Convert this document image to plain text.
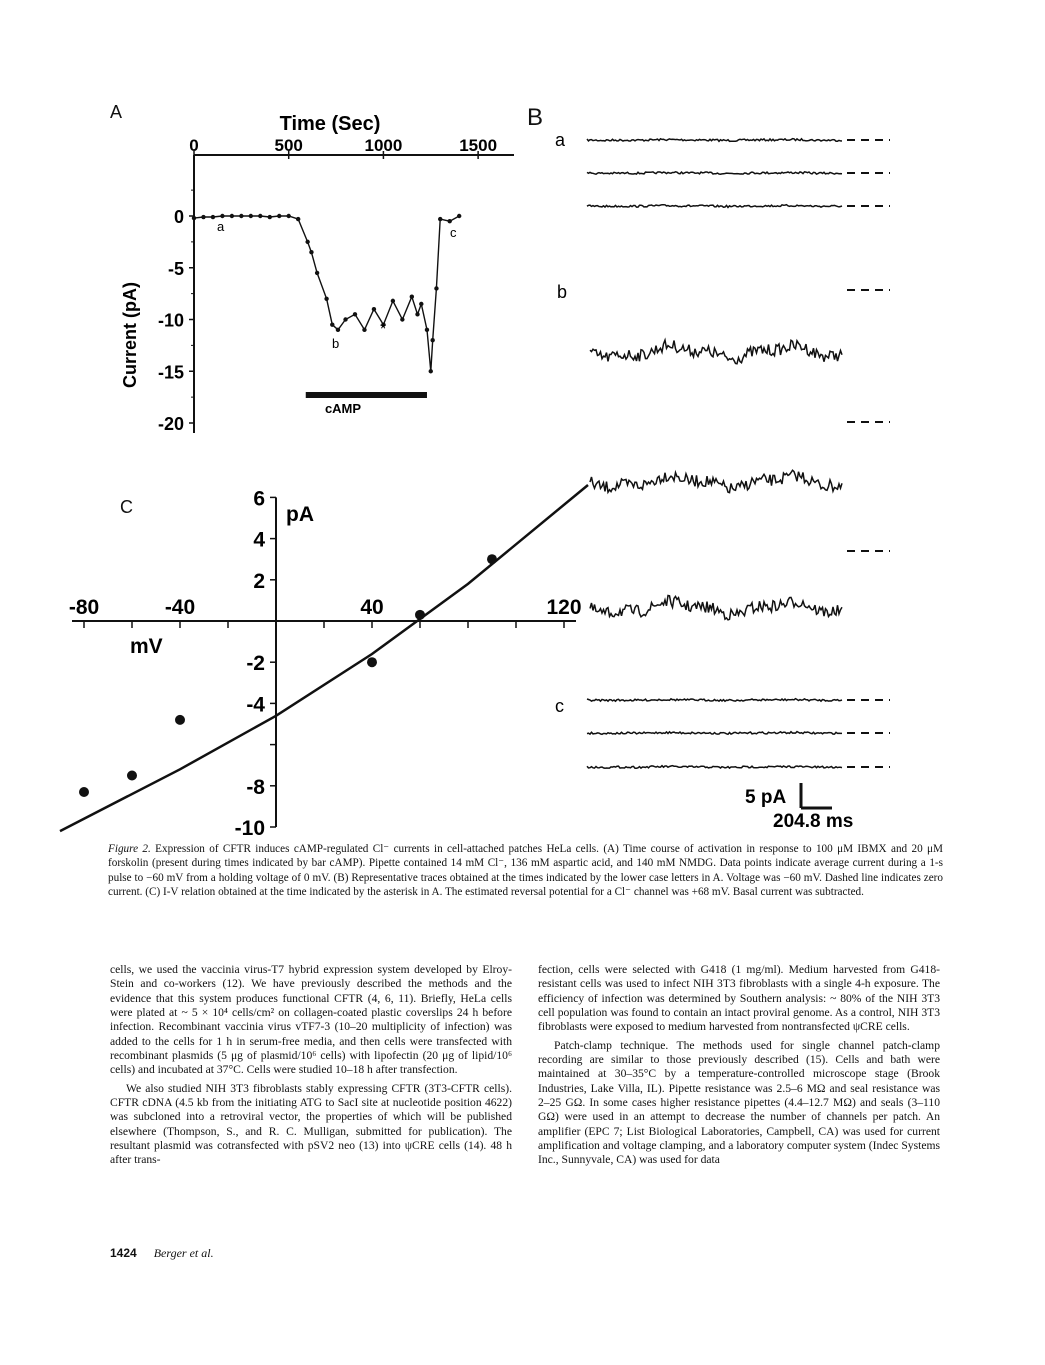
A	B
C
0	500	1000	1500
0
-5
-10
-15
-20
Time (Sec)
Current (pA)
cAMP
a
b
c
*
a
b
c
5 pA
204.8 ms
-80	-40	40	120
6
4
2
-2
-4
-8
-10
pA
mV
Figure 2. Expression of CFTR induces cAMP-regulated Cl⁻ currents in cell-attached patches HeLa cells. (A) Time course of activation in response to 100 μM IBMX and 20 μM forskolin (present during times indicated by bar cAMP). Pipette contained 14 mM Cl⁻, 136 mM aspartic acid, and 140 mM NMDG. Data points indicate average current during a 1-s pulse to −60 mV from a holding voltage of 0 mV. (B) Representative traces obtained at the times indicated by the lower case letters in A. Voltage was −60 mV. Dashed line indicates zero current. (C) I-V relation obtained at the time indicated by the asterisk in A. The estimated reversal potential for a Cl⁻ channel was +68 mV. Basal current was subtracted.

cells, we used the vaccinia virus-T7 hybrid expression system developed by Elroy-Stein and co-workers (12). We have previously described the methods and the evidence that this system produces functional CFTR (4, 6, 11). Briefly, HeLa cells were plated at ~ 5 × 10⁴ cells/cm² on collagen-coated plastic coverslips 24 h before infection. Recombinant vaccinia virus vTF7-3 (10–20 multiplicity of infection) was added to the cells for 1 h in serum-free media, and then cells were transfected with recombinant plasmids (5 μg of plasmid/10⁶ cells) with lipofectin (20 μg of lipid/10⁶ cells) and incubated at 37°C. Cells were studied 10–18 h after transfection.

We also studied NIH 3T3 fibroblasts stably expressing CFTR (3T3-CFTR cells). CFTR cDNA (4.5 kb from the initiating ATG to SacI site at nucleotide position 4622) was subcloned into a retroviral vector, the properties of which will be published elsewhere (Thompson, S., and R. C. Mulligan, submitted for publication). The resultant plasmid was cotransfected with pSV2 neo (13) into ψCRE cells (14). 48 h after trans-

fection, cells were selected with G418 (1 mg/ml). Medium harvested from G418-resistant cells was used to infect NIH 3T3 fibroblasts with a single 4-h exposure. The efficiency of infection was determined by Southern analysis: ~ 80% of the NIH 3T3 cell population was found to contain an intact proviral genome. As a control, NIH 3T3 fibroblasts were exposed to medium harvested from nontransfected ψCRE cells.

Patch-clamp technique. The methods used for single channel patch-clamp recording are similar to those previously described (15). Cells and bath were maintained at 30–35°C by a temperature-controlled microscope stage (Brook Industries, Lake Villa, IL). Pipette resistance was 2.5–6 MΩ and seal resistance was 2–25 GΩ. In some cases higher resistance pipettes (4.4–12.7 MΩ) and seals (3–110 GΩ) were used in an attempt to decrease the number of channels per patch. An amplifier (EPC 7; List Biological Laboratories, Campbell, CA) was used for current amplification and voltage clamping, and a laboratory computer system (Indec Systems Inc., Sunnyvale, CA) was used for data

1424 Berger et al.
